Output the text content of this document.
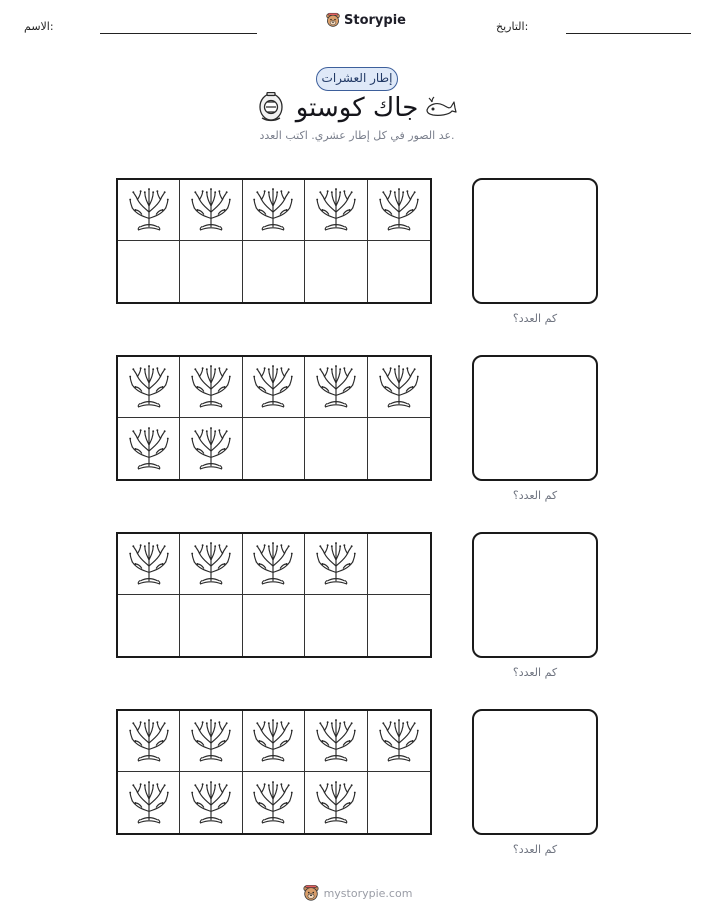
الاسم:	Storypie	التاريخ:
إطار العشرات
جاك كوستو
عد الصور في كل إطار عشري. اكتب العدد.
كم العدد؟
كم العدد؟
كم العدد؟
كم العدد؟
mystorypie.com
